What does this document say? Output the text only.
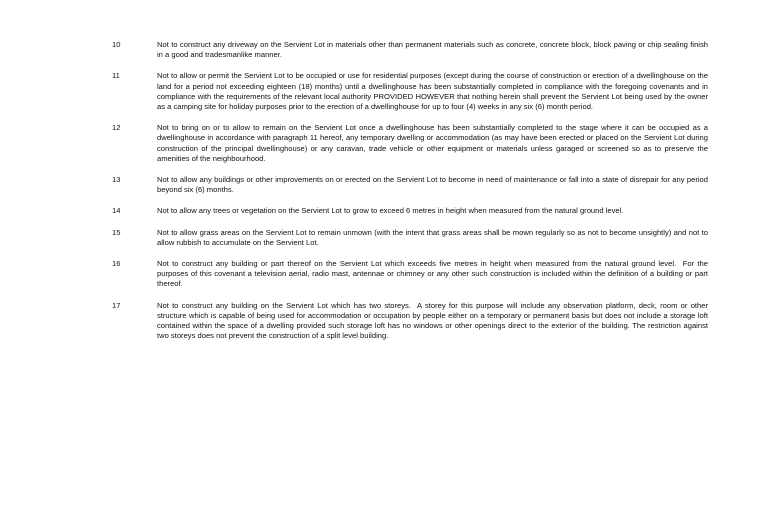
10	Not to construct any driveway on the Servient Lot in materials other than permanent materials such as concrete, concrete block, block paving or chip sealing finish in a good and tradesmanlike manner.
11	Not to allow or permit the Servient Lot to be occupied or use for residential purposes (except during the course of construction or erection of a dwellinghouse on the land for a period not exceeding eighteen (18) months) until a dwellinghouse has been substantially completed in compliance with the foregoing covenants and in compliance with the requirements of the relevant local authority PROVIDED HOWEVER that nothing herein shall prevent the Servient Lot being used by the owner as a camping site for holiday purposes prior to the erection of a dwellinghouse for up to four (4) weeks in any six (6) month period.
12	Not to bring on or to allow to remain on the Servient Lot once a dwellinghouse has been substantially completed to the stage where it can be occupied as a dwellinghouse in accordance with paragraph 11 hereof, any temporary dwelling or accommodation (as may have been erected or placed on the Servient Lot during construction of the principal dwellinghouse) or any caravan, trade vehicle or other equipment or materials unless garaged or screened so as to preserve the amenities of the neighbourhood.
13	Not to allow any buildings or other improvements on or erected on the Servient Lot to become in need of maintenance or fall into a state of disrepair for any period beyond six (6) months.
14	Not to allow any trees or vegetation on the Servient Lot to grow to exceed 6 metres in height when measured from the natural ground level.
15	Not to allow grass areas on the Servient Lot to remain unmown (with the intent that grass areas shall be mown regularly so as not to become unsightly) and not to allow rubbish to accumulate on the Servient Lot.
16	Not to construct any building or part thereof on the Servient Lot which exceeds five metres in height when measured from the natural ground level.  For the purposes of this covenant a television aerial, radio mast, antennae or chimney or any other such construction is included within the definition of a building or part thereof.
17	Not to construct any building on the Servient Lot which has two storeys.  A storey for this purpose will include any observation platform, deck, room or other structure which is capable of being used for accommodation or occupation by people either on a temporary or permanent basis but does not include a storage loft contained within the space of a dwelling provided such storage loft has no windows or other openings direct to the exterior of the building. The restriction against two storeys does not prevent the construction of a split level building.
